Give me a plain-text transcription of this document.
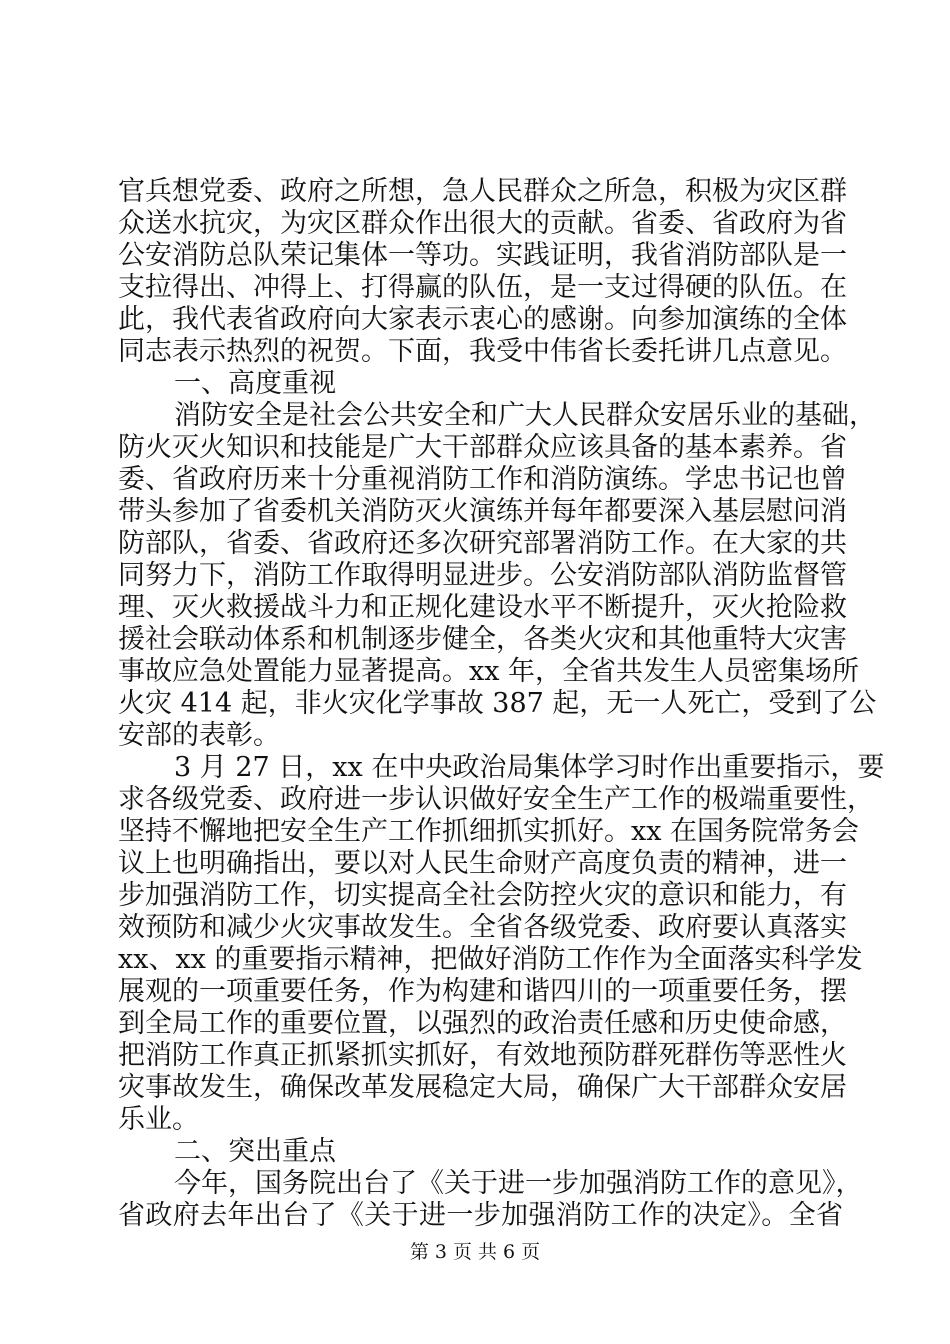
官兵想党委、政府之所想，急人民群众之所急，积极为灾区群
众送水抗灾，为灾区群众作出很大的贡献。省委、省政府为省
公安消防总队荣记集体一等功。实践证明，我省消防部队是一
支拉得出、冲得上、打得赢的队伍，是一支过得硬的队伍。在
此，我代表省政府向大家表示衷心的感谢。向参加演练的全体
同志表示热烈的祝贺。下面，我受中伟省长委托讲几点意见。
一、高度重视
消防安全是社会公共安全和广大人民群众安居乐业的基础，
防火灭火知识和技能是广大干部群众应该具备的基本素养。省
委、省政府历来十分重视消防工作和消防演练。学忠书记也曾
带头参加了省委机关消防灭火演练并每年都要深入基层慰问消
防部队，省委、省政府还多次研究部署消防工作。在大家的共
同努力下，消防工作取得明显进步。公安消防部队消防监督管
理、灭火救援战斗力和正规化建设水平不断提升，灭火抢险救
援社会联动体系和机制逐步健全，各类火灾和其他重特大灾害
事故应急处置能力显著提高。xx 年，全省共发生人员密集场所
火灾 414 起，非火灾化学事故 387 起，无一人死亡，受到了公
安部的表彰。
3 月 27 日，xx 在中央政治局集体学习时作出重要指示，要
求各级党委、政府进一步认识做好安全生产工作的极端重要性，
坚持不懈地把安全生产工作抓细抓实抓好。xx 在国务院常务会
议上也明确指出，要以对人民生命财产高度负责的精神，进一
步加强消防工作，切实提高全社会防控火灾的意识和能力，有
效预防和减少火灾事故发生。全省各级党委、政府要认真落实
xx、xx 的重要指示精神，把做好消防工作作为全面落实科学发
展观的一项重要任务，作为构建和谐四川的一项重要任务，摆
到全局工作的重要位置，以强烈的政治责任感和历史使命感，
把消防工作真正抓紧抓实抓好，有效地预防群死群伤等恶性火
灾事故发生，确保改革发展稳定大局，确保广大干部群众安居
乐业。
二、突出重点
今年，国务院出台了《关于进一步加强消防工作的意见》，
省政府去年出台了《关于进一步加强消防工作的决定》。全省
第 3 页 共 6 页
